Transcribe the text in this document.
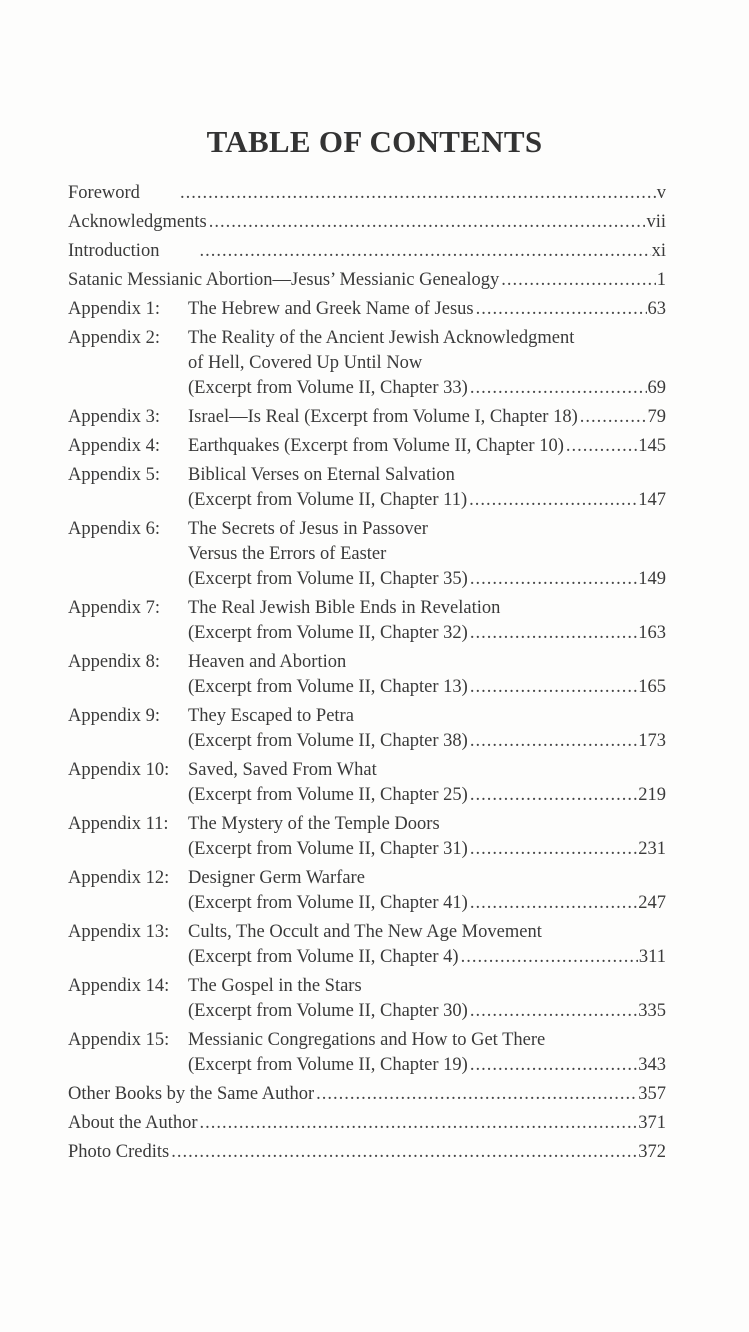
TABLE OF CONTENTS
Foreword .....	v
Acknowledgments .....	vii
Introduction .....	xi
Satanic Messianic Abortion—Jesus’ Messianic Genealogy .....	1
Appendix 1:	The Hebrew and Greek Name of Jesus .....	63
Appendix 2:	The Reality of the Ancient Jewish Acknowledgment
of Hell, Covered Up Until Now
(Excerpt from Volume II, Chapter 33) .....	69
Appendix 3:	Israel—Is Real (Excerpt from Volume I, Chapter 18) .....	79
Appendix 4:	Earthquakes (Excerpt from Volume II, Chapter 10) .....	145
Appendix 5:	Biblical Verses on Eternal Salvation
(Excerpt from Volume II, Chapter 11) .....	147
Appendix 6:	The Secrets of Jesus in Passover
Versus the Errors of Easter
(Excerpt from Volume II, Chapter 35) .....	149
Appendix 7:	The Real Jewish Bible Ends in Revelation
(Excerpt from Volume II, Chapter 32) .....	163
Appendix 8:	Heaven and Abortion
(Excerpt from Volume II, Chapter 13) .....	165
Appendix 9:	They Escaped to Petra
(Excerpt from Volume II, Chapter 38) .....	173
Appendix 10:	Saved, Saved From What
(Excerpt from Volume II, Chapter 25) .....	219
Appendix 11:	The Mystery of the Temple Doors
(Excerpt from Volume II, Chapter 31) .....	231
Appendix 12:	Designer Germ Warfare
(Excerpt from Volume II, Chapter 41) .....	247
Appendix 13:	Cults, The Occult and The New Age Movement
(Excerpt from Volume II, Chapter 4) .....	311
Appendix 14:	The Gospel in the Stars
(Excerpt from Volume II, Chapter 30) .....	335
Appendix 15:	Messianic Congregations and How to Get There
(Excerpt from Volume II, Chapter 19) .....	343
Other Books by the Same Author .....	357
About the Author .....	371
Photo Credits .....	372
